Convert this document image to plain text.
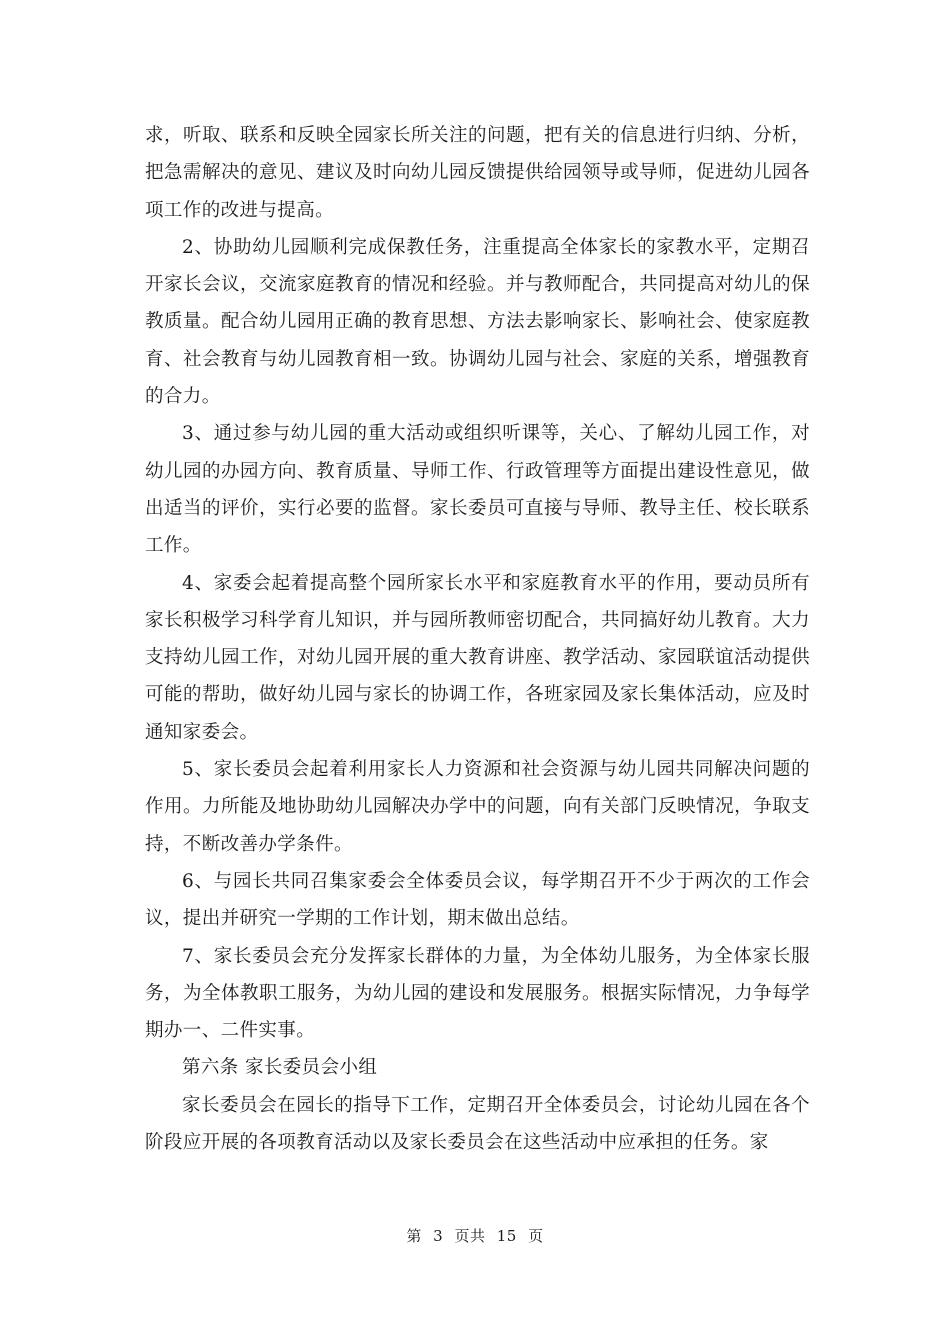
求，听取、联系和反映全园家长所关注的问题，把有关的信息进行归纳、分析，把急需解决的意见、建议及时向幼儿园反馈提供给园领导或导师，促进幼儿园各项工作的改进与提高。

2、协助幼儿园顺利完成保教任务，注重提高全体家长的家教水平，定期召开家长会议，交流家庭教育的情况和经验。并与教师配合，共同提高对幼儿的保教质量。配合幼儿园用正确的教育思想、方法去影响家长、影响社会、使家庭教育、社会教育与幼儿园教育相一致。协调幼儿园与社会、家庭的关系，增强教育的合力。

3、通过参与幼儿园的重大活动或组织听课等，关心、了解幼儿园工作，对幼儿园的办园方向、教育质量、导师工作、行政管理等方面提出建设性意见，做出适当的评价，实行必要的监督。家长委员可直接与导师、教导主任、校长联系工作。

4、家委会起着提高整个园所家长水平和家庭教育水平的作用，要动员所有家长积极学习科学育儿知识，并与园所教师密切配合，共同搞好幼儿教育。大力支持幼儿园工作，对幼儿园开展的重大教育讲座、教学活动、家园联谊活动提供可能的帮助，做好幼儿园与家长的协调工作，各班家园及家长集体活动，应及时通知家委会。

5、家长委员会起着利用家长人力资源和社会资源与幼儿园共同解决问题的作用。力所能及地协助幼儿园解决办学中的问题，向有关部门反映情况，争取支持，不断改善办学条件。

6、与园长共同召集家委会全体委员会议，每学期召开不少于两次的工作会议，提出并研究一学期的工作计划，期末做出总结。

7、家长委员会充分发挥家长群体的力量，为全体幼儿服务，为全体家长服务，为全体教职工服务，为幼儿园的建设和发展服务。根据实际情况，力争每学期办一、二件实事。

第六条 家长委员会小组

家长委员会在园长的指导下工作，定期召开全体委员会，讨论幼儿园在各个阶段应开展的各项教育活动以及家长委员会在这些活动中应承担的任务。家

第 3 页共 15 页
